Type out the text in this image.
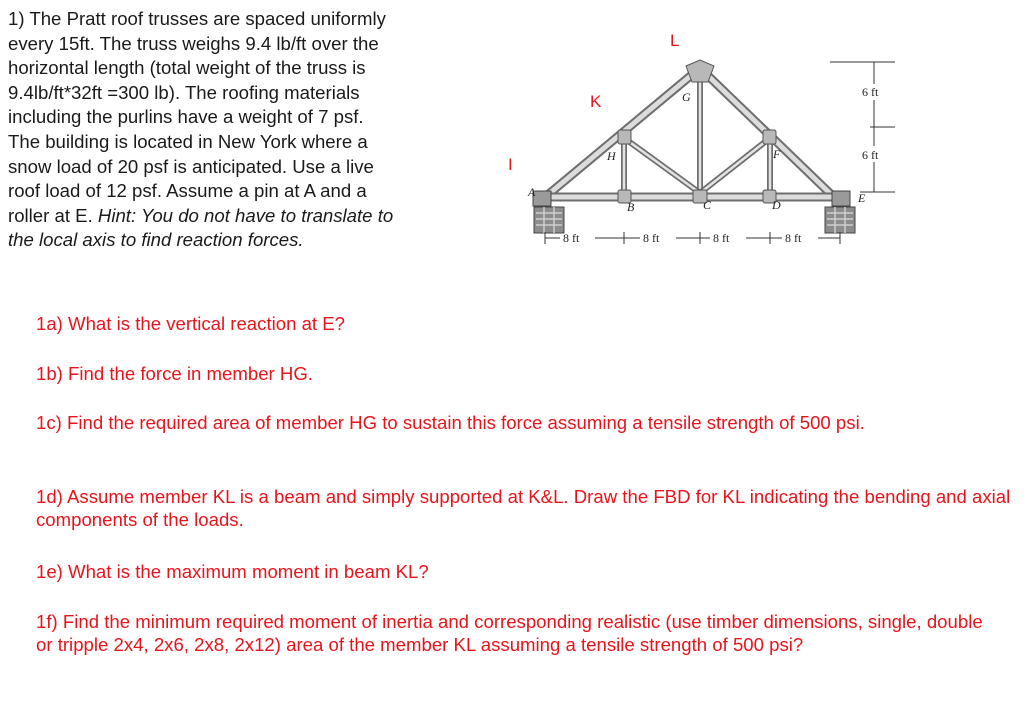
1) The Pratt roof trusses are spaced uniformly
every 15ft. The truss weighs 9.4 lb/ft over the
horizontal length (total weight of the truss is
9.4lb/ft*32ft =300 lb). The roofing materials
including the purlins have a weight of 7 psf.
The building is located in New York where a
snow load of 20 psf is anticipated. Use a live
roof load of 12 psf. Assume a pin at A and a
roller at E. Hint: You do not have to translate to
the local axis to find reaction forces.
L
K
I
A
B	C	D	E
F
G
H
8 ft	8 ft	8 ft	8 ft
6 ft
6 ft
1a) What is the vertical reaction at E?
1b) Find the force in member HG.
1c) Find the required area of member HG to sustain this force assuming a tensile strength of 500 psi.
1d) Assume member KL is a beam and simply supported at K&L. Draw the FBD for KL indicating the bending and axial components of the loads.
1e) What is the maximum moment in beam KL?
1f) Find the minimum required moment of inertia and corresponding realistic (use timber dimensions, single, double or tripple 2x4, 2x6, 2x8, 2x12) area of the member KL assuming a tensile strength of 500 psi?
